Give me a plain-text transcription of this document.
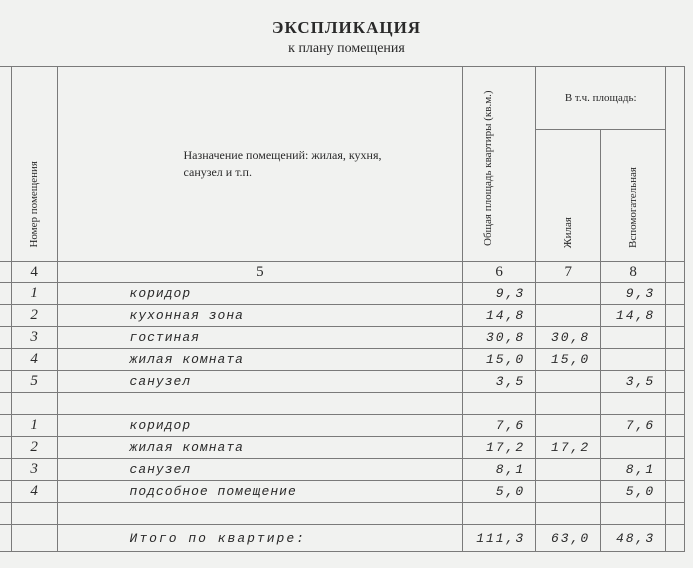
ЭКСПЛИКАЦИЯ
к плану помещения
	Номер помещения	Назначение помещений: жилая, кухня, санузел и т.п.	Общая площадь квартиры (кв.м.)	В т.ч. площадь:		
				Жилая	Вспомогательная	
	4	5	6	7	8	
	1	коридор	9,3		9,3	
	2	кухонная зона	14,8		14,8	
	3	гостиная	30,8	30,8		
	4	жилая комната	15,0	15,0		
	5	санузел	3,5		3,5	

	1	коридор	7,6		7,6	
	2	жилая комната	17,2	17,2		
	3	санузел	8,1		8,1	
	4	подсобное помещение	5,0		5,0	

		Итого по квартире:	111,3	63,0	48,3	
